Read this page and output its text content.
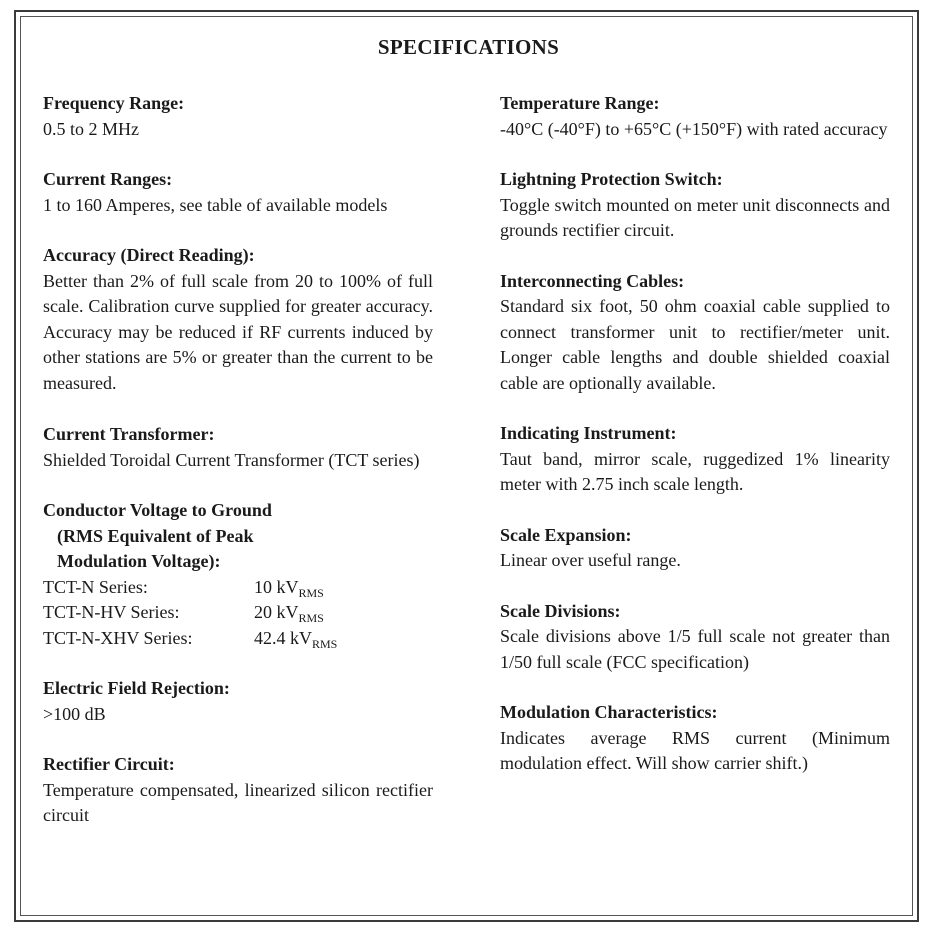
SPECIFICATIONS
Frequency Range:
0.5 to 2 MHz
Current Ranges:
1 to 160 Amperes, see table of available models
Accuracy (Direct Reading):
Better than 2% of full scale from 20 to 100% of full scale. Calibration curve supplied for greater accuracy. Accuracy may be reduced if RF currents induced by other stations are 5% or greater than the current to be measured.
Current Transformer:
Shielded Toroidal Current Transformer (TCT series)
Conductor Voltage to Ground
(RMS Equivalent of Peak
Modulation Voltage):
TCT-N Series:	10 $kV_{RMS}$
TCT-N-HV Series:	20 $kV_{RMS}$
TCT-N-XHV Series:	42.4 $kV_{RMS}$
Electric Field Rejection:
>100 dB
Rectifier Circuit:
Temperature compensated, linearized silicon rectifier circuit
Temperature Range:
-40°C (-40°F) to +65°C (+150°F) with rated accuracy
Lightning Protection Switch:
Toggle switch mounted on meter unit disconnects and grounds rectifier circuit.
Interconnecting Cables:
Standard six foot, 50 ohm coaxial cable supplied to connect transformer unit to rectifier/meter unit. Longer cable lengths and double shielded coaxial cable are optionally available.
Indicating Instrument:
Taut band, mirror scale, ruggedized 1% linearity meter with 2.75 inch scale length.
Scale Expansion:
Linear over useful range.
Scale Divisions:
Scale divisions above 1/5 full scale not greater than 1/50 full scale (FCC specification)
Modulation Characteristics:
Indicates average RMS current (Minimum modulation effect. Will show carrier shift.)
